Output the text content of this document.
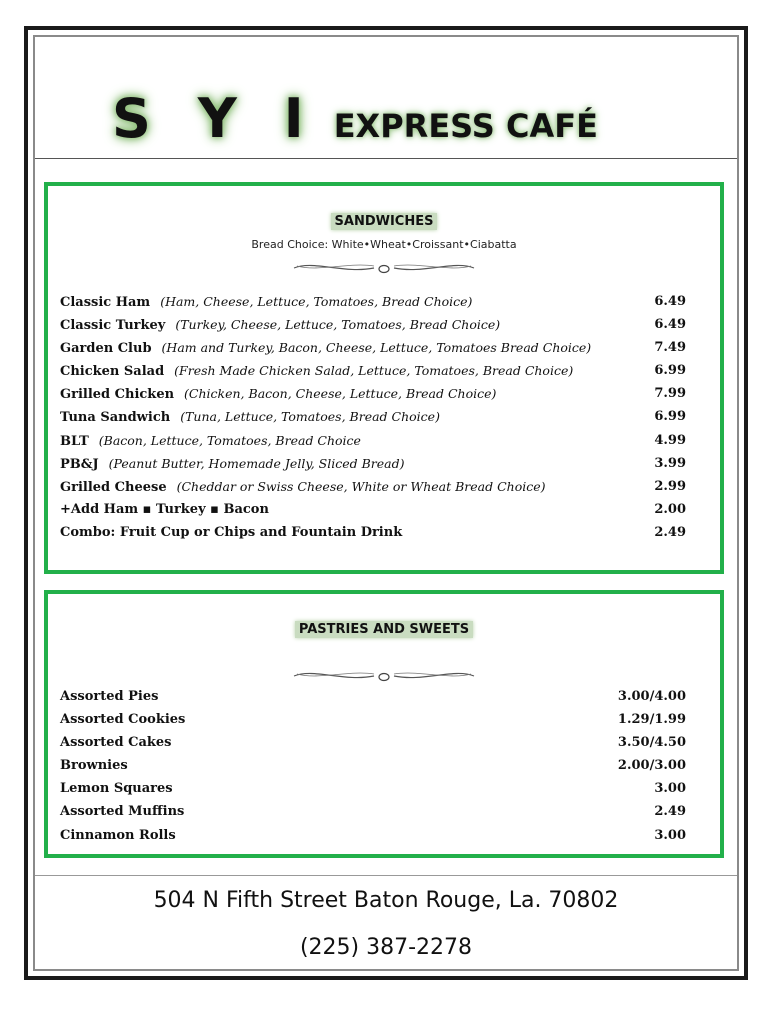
S Y I EXPRESS CAFÉ
SANDWICHES
Bread Choice: White•Wheat•Croissant•Ciabatta
Classic Ham (Ham, Cheese, Lettuce, Tomatoes, Bread Choice)	6.49
Classic Turkey (Turkey, Cheese, Lettuce, Tomatoes, Bread Choice)	6.49
Garden Club (Ham and Turkey, Bacon, Cheese, Lettuce, Tomatoes Bread Choice)	7.49
Chicken Salad (Fresh Made Chicken Salad, Lettuce, Tomatoes, Bread Choice)	6.99
Grilled Chicken (Chicken, Bacon, Cheese, Lettuce, Bread Choice)	7.99
Tuna Sandwich (Tuna, Lettuce, Tomatoes, Bread Choice)	6.99
BLT (Bacon, Lettuce, Tomatoes, Bread Choice	4.99
PB&J (Peanut Butter, Homemade Jelly, Sliced Bread)	3.99
Grilled Cheese (Cheddar or Swiss Cheese, White or Wheat Bread Choice)	2.99
+Add Ham ▪ Turkey ▪ Bacon	2.00
Combo: Fruit Cup or Chips and Fountain Drink	2.49
PASTRIES AND SWEETS
Assorted Pies	3.00/4.00
Assorted Cookies	1.29/1.99
Assorted Cakes	3.50/4.50
Brownies	2.00/3.00
Lemon Squares	3.00
Assorted Muffins	2.49
Cinnamon Rolls	3.00
504 N Fifth Street Baton Rouge, La. 70802
(225) 387-2278
